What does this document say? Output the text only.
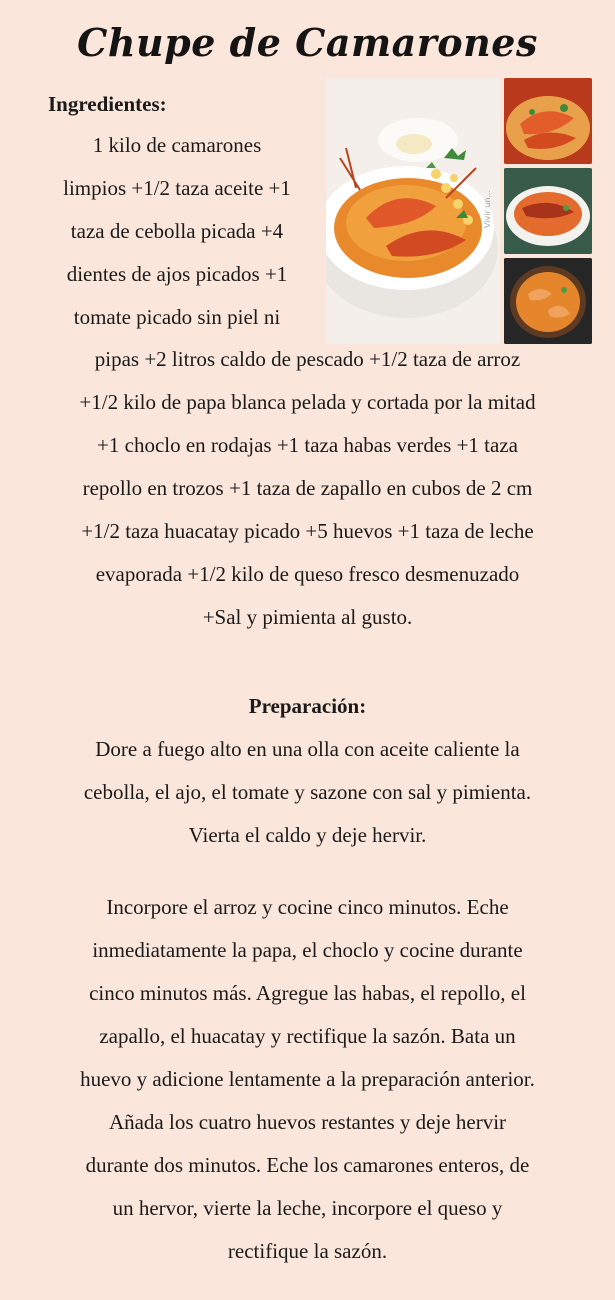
Chupe de Camarones
Vivir un...
Ingredientes:
1 kilo de camarones
limpios +1/2 taza aceite +1
taza de cebolla picada +4
dientes de ajos picados +1
tomate picado sin piel ni
pipas +2 litros caldo de pescado +1/2 taza de arroz
+1/2 kilo de papa blanca pelada y cortada por la mitad
+1 choclo en rodajas +1 taza habas verdes +1 taza
repollo en trozos +1 taza de zapallo en cubos de 2 cm
+1/2 taza huacatay picado +5 huevos +1 taza de leche
evaporada +1/2 kilo de queso fresco desmenuzado
+Sal y pimienta al gusto.
Preparación:
Dore a fuego alto en una olla con aceite caliente la
cebolla, el ajo, el tomate y sazone con sal y pimienta.
Vierta el caldo y deje hervir.
Incorpore el arroz y cocine cinco minutos. Eche
inmediatamente la papa, el choclo y cocine durante
cinco minutos más. Agregue las habas, el repollo, el
zapallo, el huacatay y rectifique la sazón. Bata un
huevo y adicione lentamente a la preparación anterior.
Añada los cuatro huevos restantes y deje hervir
durante dos minutos. Eche los camarones enteros, de
un hervor, vierte la leche, incorpore el queso y
rectifique la sazón.
